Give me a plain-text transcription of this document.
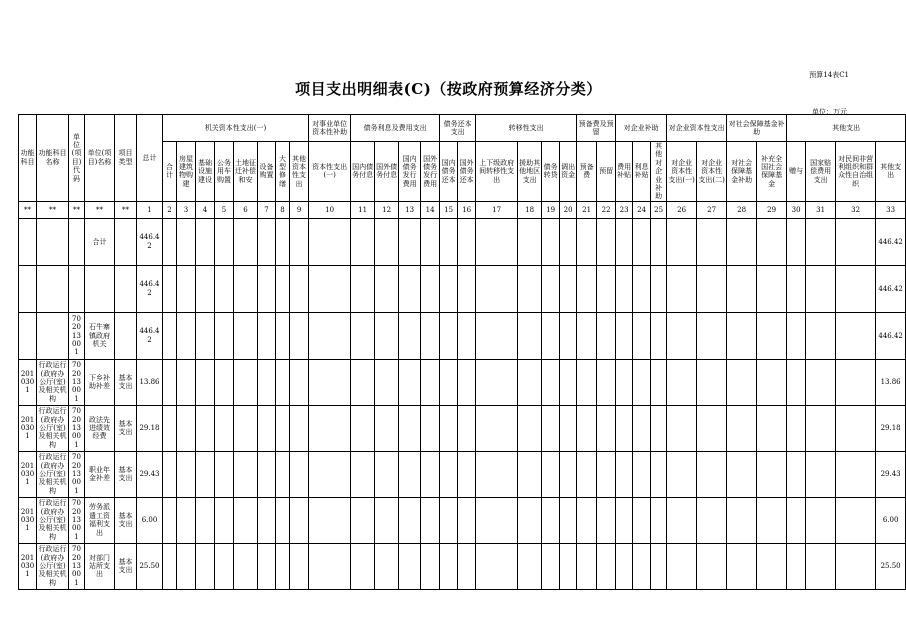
预算14表C1
项目支出明细表(C)（按政府预算经济分类）
单位：万元
功能科目	功能科目名称	单位(项目)代码	单位(项目)名称	项目类型	总计	机关资本性支出(一)								对事业单位资本性补助	债务利息及费用支出				债务还本支出		转移性支出				预备费及预留		对企业补助			对企业资本性支出		对社会保障基金补助		其他支出			
						合计	房屋建筑物购建	基础设施建设	公务用车购置	土地征迁补偿和安	设备购置	大型修缮	其他资本性支出	资本性支出(一)	国内债务付息	国外债务付息	国内债务发行费用	国外债务发行费用	国内债务还本	国外债务还本	上下级政府间转移性支出	援助其他地区支出	债务转贷	调出资金	预备费	预留	费用补贴	利息补贴	其他对企业补助	对企业资本性支出(一)	对企业资本性支出(二)	对社会保障基金补助	补充全国社会保障基金	赠与	国家赔偿费用支出	对民间非营利组织和群众性自治组织	其他支出
**	**	**	**	**	1	2	3	4	5	6	7	8	9	10	11	12	13	14	15	16	17	18	19	20	21	22	23	24	25	26	27	28	29	30	31	32	33
			合计		446.42																																446.42
					446.42																																446.42
		70201300 1	石牛寨镇政府机关		446.42																																446.42
2010301	行政运行(政府办公厅(室)及相关机构	70201300 1	下乡补助补差	基本支出	13.86																																13.86
2010301	行政运行(政府办公厅(室)及相关机构	70201300 1	政法先进绩效经费	基本支出	29.18																																29.18
2010301	行政运行(政府办公厅(室)及相关机构	70201300 1	职业年金补差	基本支出	29.43																																29.43
2010301	行政运行(政府办公厅(室)及相关机构	70201300 1	劳务派遣工资福利支出	基本支出	6.00																																6.00
2010301	行政运行(政府办公厅(室)及相关机构	70201300 1	对部门站所支出	基本支出	25.50																																25.50
